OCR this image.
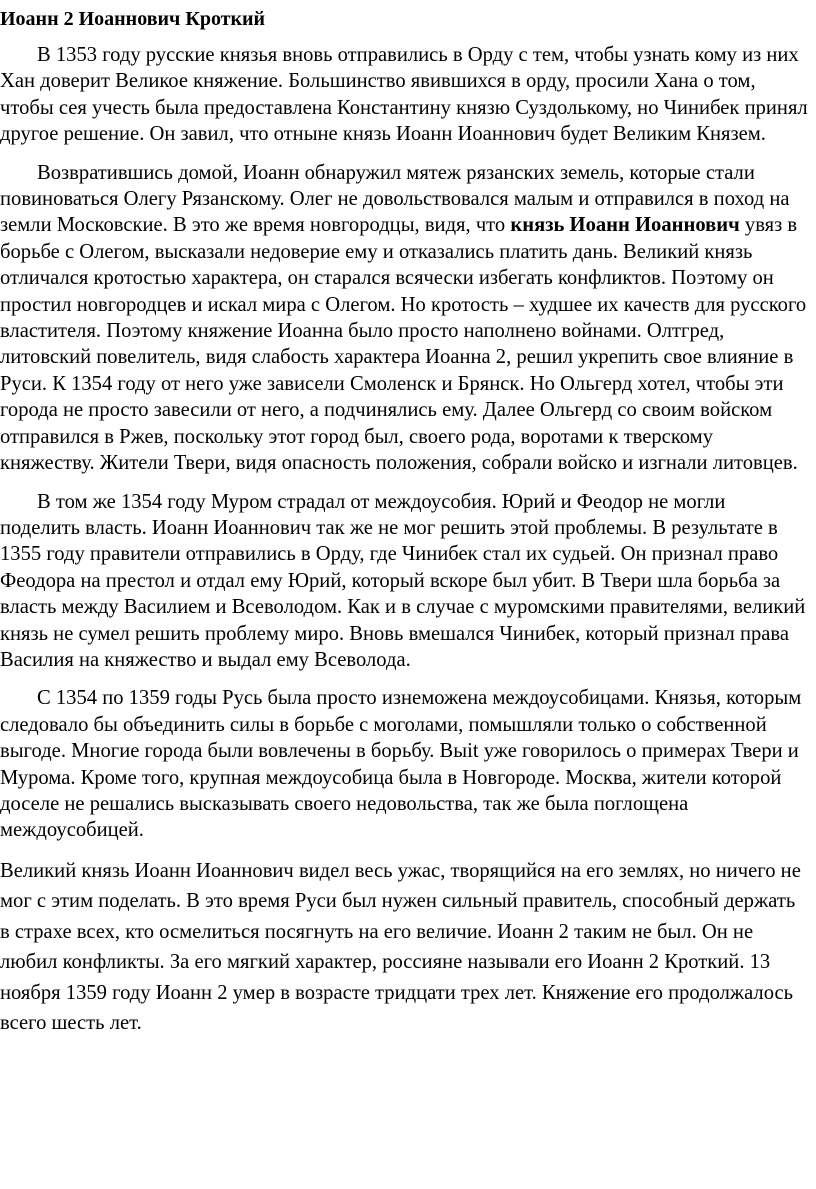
Иоанн 2 Иоаннович Кроткий

В 1353 году русские князья вновь отправились в Орду с тем, чтобы узнать кому из них Хан доверит Великое княжение. Большинство явившихся в орду, просили Хана о том, чтобы сея учесть была предоставлена Константину князю Суздолькому, но Чинибек принял другое решение. Он завил, что отныне князь Иоанн Иоаннович будет Великим Князем.

Возвратившись домой, Иоанн обнаружил мятеж рязанских земель, которые стали повиноваться Олегу Рязанскому. Олег не довольствовался малым и отправился в поход на земли Московские. В это же время новгородцы, видя, что князь Иоанн Иоаннович увяз в борьбе с Олегом, высказали недоверие ему и отказались платить дань. Великий князь отличался кротостью характера, он старался всячески избегать конфликтов. Поэтому он простил новгородцев и искал мира с Олегом. Но кротость – худшее их качеств для русского властителя. Поэтому княжение Иоанна было просто наполнено войнами. Олтгред, литовский повелитель, видя слабость характера Иоанна 2, решил укрепить свое влияние в Руси. К 1354 году от него уже зависели Смоленск и Брянск. Но Ольгерд хотел, чтобы эти города не просто завесили от него, а подчинялись ему. Далее Ольгерд со своим войском отправился в Ржев, поскольку этот город был, своего рода, воротами к тверскому княжеству. Жители Твери, видя опасность положения, собрали войско и изгнали литовцев.

В том же 1354 году Муром страдал от междоусобия. Юрий и Феодор не могли поделить власть. Иоанн Иоаннович так же не мог решить этой проблемы. В результате в 1355 году правители отправились в Орду, где Чинибек стал их судьей. Он признал право Феодора на престол и отдал ему Юрий, который вскоре был убит. В Твери шла борьба за власть между Василием и Всеволодом. Как и в случае с муромскими правителями, великий князь не сумел решить проблему миро. Вновь вмешался Чинибек, который признал права Василия на княжество и выдал ему Всеволода.

С 1354 по 1359 годы Русь была просто изнеможена междоусобицами. Князья, которым следовало бы объединить силы в борьбе с моголами, помышляли только о собственной выгоде. Многие города были вовлечены в борьбу. Выit уже говорилось о примерах Твери и Мурома. Кроме того, крупная междоусобица была в Новгороде. Москва, жители которой доселе не решались высказывать своего недовольства, так же была поглощена междоусобицей.

Великий князь Иоанн Иоаннович видел весь ужас, творящийся на его землях, но ничего не мог с этим поделать. В это время Руси был нужен сильный правитель, способный держать в страхе всех, кто осмелиться посягнуть на его величие. Иоанн 2 таким не был. Он не любил конфликты. За его мягкий характер, россияне называли его Иоанн 2 Кроткий. 13 ноября 1359 году Иоанн 2 умер в возрасте тридцати трех лет. Княжение его продолжалось всего шесть лет.
